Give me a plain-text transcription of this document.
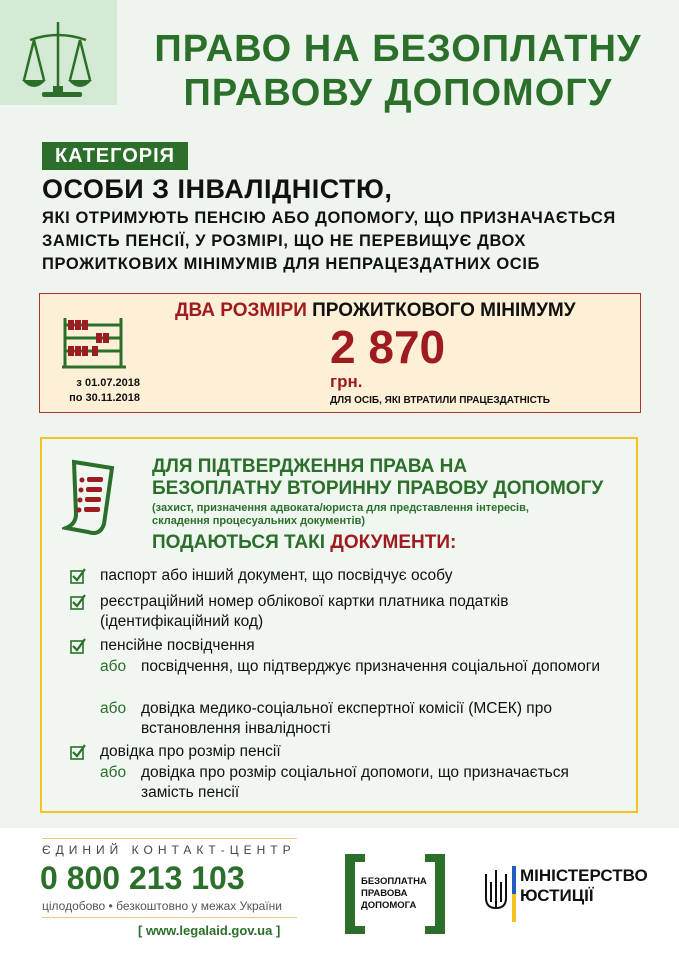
ПРАВО НА БЕЗОПЛАТНУ
ПРАВОВУ ДОПОМОГУ
КАТЕГОРІЯ
ОСОБИ З ІНВАЛІДНІСТЮ,
ЯКІ ОТРИМУЮТЬ ПЕНСІЮ АБО ДОПОМОГУ, ЩО ПРИЗНАЧАЄТЬСЯ
ЗАМІСТЬ ПЕНСІЇ, У РОЗМІРІ, ЩО НЕ ПЕРЕВИЩУЄ ДВОХ
ПРОЖИТКОВИХ МІНІМУМІВ ДЛЯ НЕПРАЦЕЗДАТНИХ ОСІБ
з 01.07.2018
по 30.11.2018
ДВА РОЗМІРИ ПРОЖИТКОВОГО МІНІМУМУ
2 870
грн.
ДЛЯ ОСІБ, ЯКІ ВТРАТИЛИ ПРАЦЕЗДАТНІСТЬ
ДЛЯ ПІДТВЕРДЖЕННЯ ПРАВА НА
БЕЗОПЛАТНУ ВТОРИННУ ПРАВОВУ ДОПОМОГУ
(захист, призначення адвоката/юриста для представлення інтересів,
складення процесуальних документів)
ПОДАЮТЬСЯ ТАКІ ДОКУМЕНТИ:
паспорт або інший документ, що посвідчує особу
реєстраційний номер облікової картки платника податків (ідентифікаційний код)
пенсійне посвідчення
або посвідчення, що підтверджує призначення соціальної допомоги
або довідка медико-соціальної експертної комісії (МСЕК) про встановлення інвалідності
довідка про розмір пенсії
або довідка про розмір соціальної допомоги, що призначається замість пенсії
ЄДИНИЙ КОНТАКТ-ЦЕНТР
0 800 213 103
цілодобово • безкоштовно у межах України
[ www.legalaid.gov.ua ]
БЕЗОПЛАТНА
ПРАВОВА
ДОПОМОГА
МІНІСТЕРСТВО
ЮСТИЦІЇ
